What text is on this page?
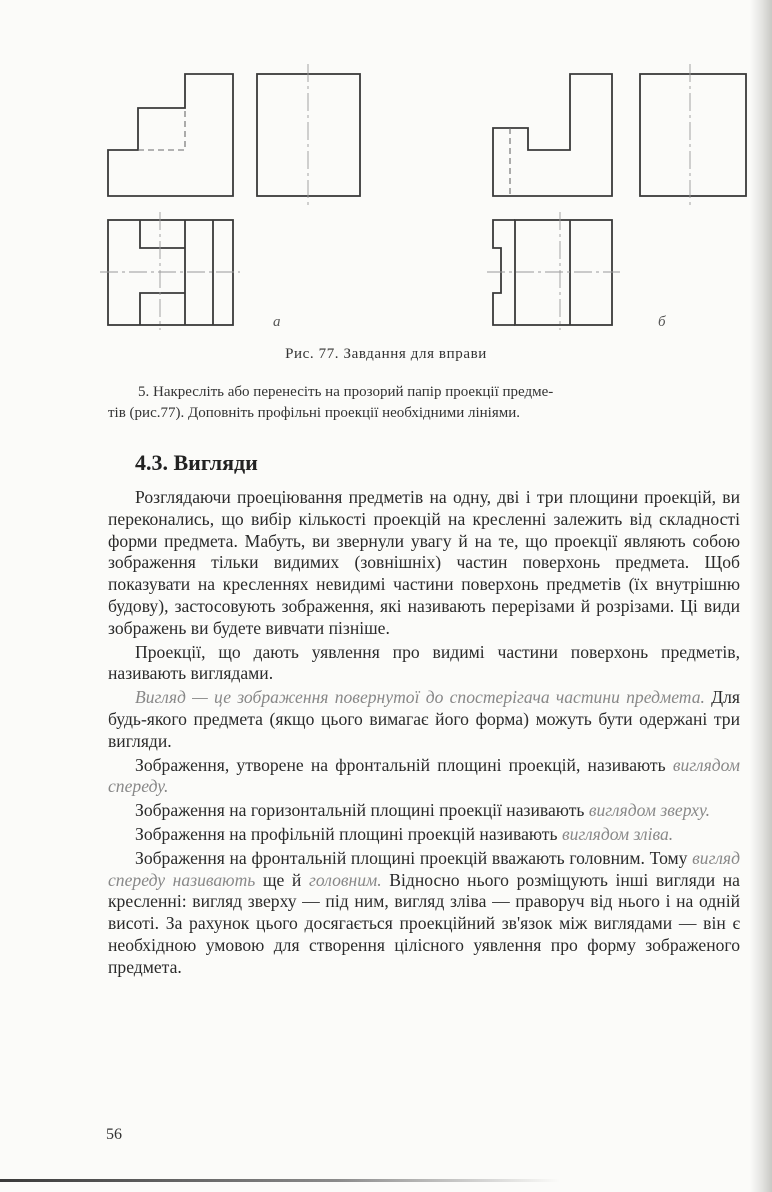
а	б
Рис. 77. Завдання для вправи
5. Накресліть або перенесіть на прозорий папір проекції предме-
тів (рис.77). Доповніть профільні проекції необхідними лініями.
4.3. Вигляди

Розглядаючи проеціювання предметів на одну, дві і три площини проекцій, ви переконались, що вибір кількості проекцій на кресленні залежить від складності форми предмета. Мабуть, ви звернули увагу й на те, що проекції являють собою зображення тільки видимих (зовнішніх) частин поверхонь предмета. Щоб показувати на кресленнях невидимі частини поверхонь предметів (їх внутрішню будову), застосовують зображення, які називають перерізами й розрізами. Ці види зображень ви будете вивчати пізніше.

Проекції, що дають уявлення про видимі частини поверхонь предметів, називають виглядами.

Вигляд — це зображення повернутої до спостерігача частини предмета. Для будь-якого предмета (якщо цього вимагає його форма) можуть бути одержані три вигляди.

Зображення, утворене на фронтальній площині проекцій, називають виглядом спереду.

Зображення на горизонтальній площині проекції називають виглядом зверху.

Зображення на профільній площині проекцій називають виглядом зліва.

Зображення на фронтальній площині проекцій вважають головним. Тому вигляд спереду називають ще й головним. Відносно нього розміщують інші вигляди на кресленні: вигляд зверху — під ним, вигляд зліва — праворуч від нього і на одній висоті. За рахунок цього досягається проекційний зв'язок між виглядами — він є необхідною умовою для створення цілісного уявлення про форму зображеного предмета.

56
